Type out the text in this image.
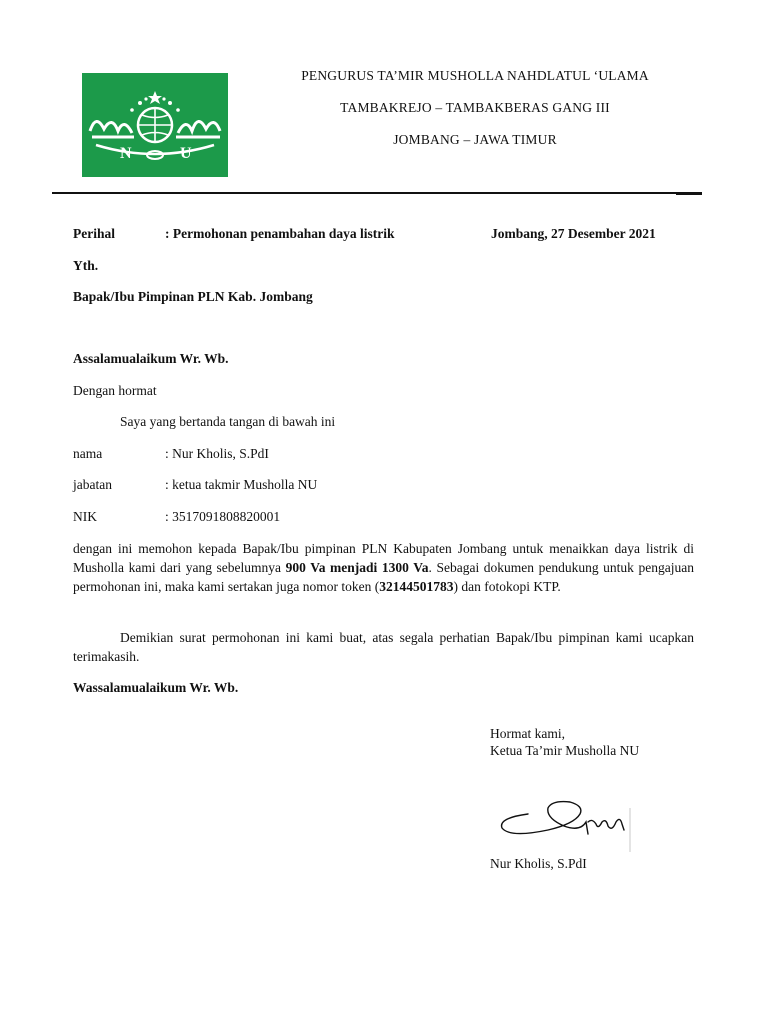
N	U
PENGURUS TA’MIR MUSHOLLA NAHDLATUL ‘ULAMA
TAMBAKREJO – TAMBAKBERAS GANG III
JOMBANG – JAWA TIMUR
Perihal	: Permohonan penambahan daya listrik	Jombang, 27 Desember 2021
Yth.
Bapak/Ibu Pimpinan PLN Kab. Jombang
Assalamualaikum Wr. Wb.
Dengan hormat
Saya yang bertanda tangan di bawah ini
nama	: Nur Kholis, S.PdI
jabatan	: ketua takmir Musholla NU
NIK	: 3517091808820001
dengan ini memohon kepada Bapak/Ibu pimpinan PLN Kabupaten Jombang untuk menaikkan daya listrik di Musholla kami dari yang sebelumnya 900 Va menjadi 1300 Va. Sebagai dokumen pendukung untuk pengajuan permohonan ini, maka kami sertakan juga nomor token (32144501783) dan fotokopi KTP.
Demikian surat permohonan ini kami buat, atas segala perhatian Bapak/Ibu pimpinan kami ucapkan terimakasih.
Wassalamualaikum Wr. Wb.
Hormat kami,
Ketua Ta’mir Musholla NU
Nur Kholis, S.PdI
